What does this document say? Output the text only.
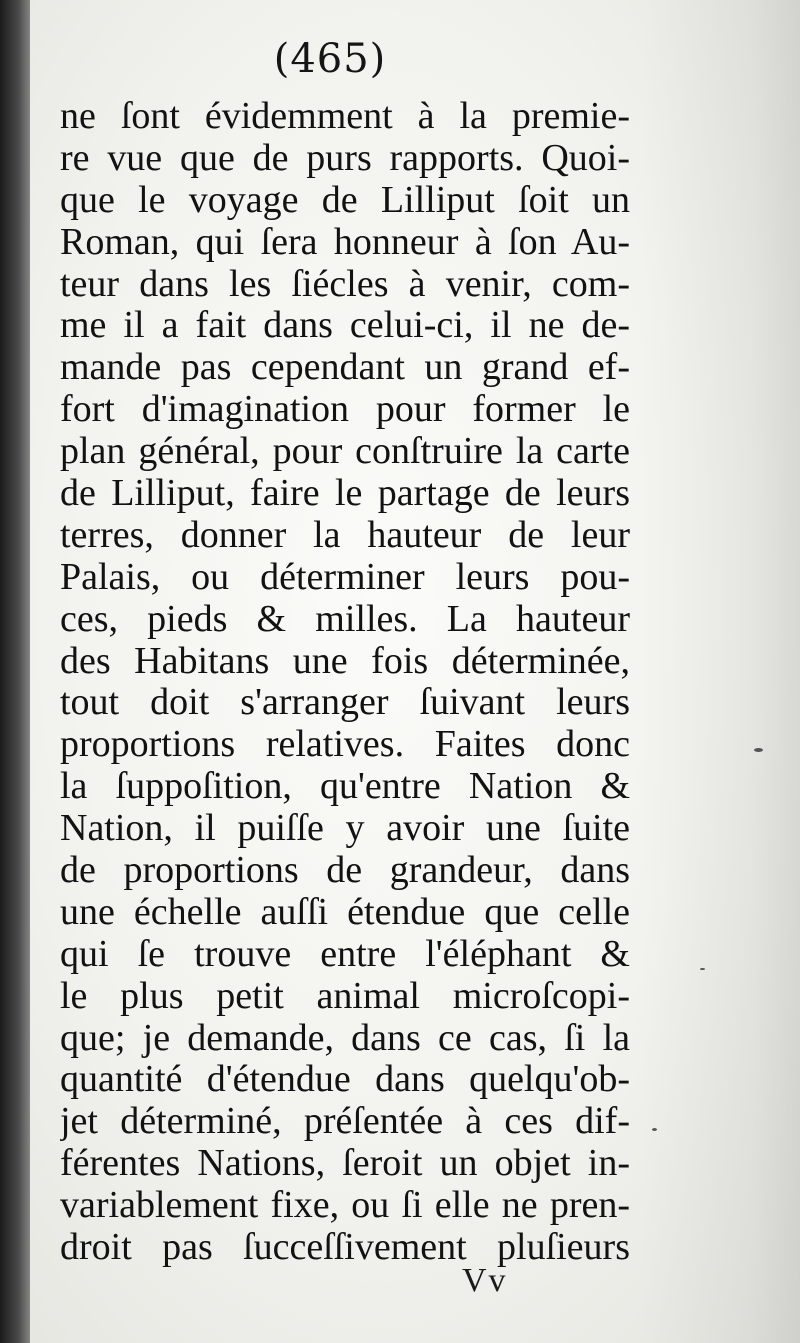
(465)
ne ſont évidemment à la premie-
re vue que de purs rapports. Quoi-
que le voyage de Lilliput ſoit un
Roman, qui ſera honneur à ſon Au-
teur dans les ſiécles à venir, com-
me il a fait dans celui-ci, il ne de-
mande pas cependant un grand ef-
fort d'imagination pour former le
plan général, pour conſtruire la carte
de Lilliput, faire le partage de leurs
terres, donner la hauteur de leur
Palais, ou déterminer leurs pou-
ces, pieds & milles. La hauteur
des Habitans une fois déterminée,
tout doit s'arranger ſuivant leurs
proportions relatives. Faites donc
la ſuppoſition, qu'entre Nation &
Nation, il puiſſe y avoir une ſuite
de proportions de grandeur, dans
une échelle auſſi étendue que celle
qui ſe trouve entre l'éléphant &
le plus petit animal microſcopi-
que; je demande, dans ce cas, ſi la
quantité d'étendue dans quelqu'ob-
jet déterminé, préſentée à ces dif-
férentes Nations, ſeroit un objet in-
variablement fixe, ou ſi elle ne pren-
droit pas ſucceſſivement pluſieurs
Vv
